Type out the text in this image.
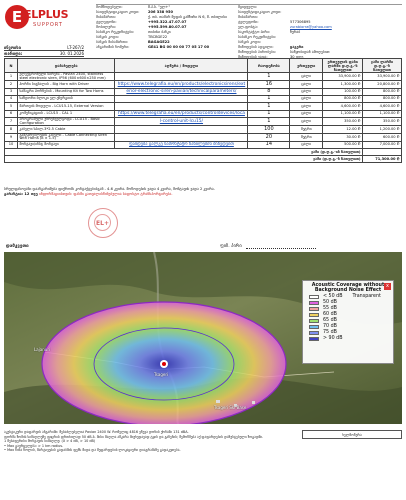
E ELPLUS
SUPPORT
მომწოდებელი:	შ.პ.ს. "ელ+"
საიდენტიფიკაციო კოდი:	206 338 950
მისამართი:	ქ. თბ. თამარ მეფის გამზირი N 6, შ. თბილისი
ტელეფონი:	+995.322.47.07.07
მობილური:	+995.599.80.07.07
საბანკო რეკვიზიტები:	თიბისი ბანკი
ბანკის კოდი:	TBCBGE22
ბანკის მისამართი:	BAGAGE22
ანგარიშის ნომერი:	GE41 BG 00 00 00 77 05 17 00
მყიდველი:
საიდენტიფიკაციო კოდი:
მისამართი:
ტელეფონი:	577306895
ელ-ფოსტა:	zurabiorra@yahoo.com
საკონტაქტო პირი:	ზურაბ
საბანკო რეკვიზიტები:
ბანკის კოდი:
მიწოდების ადგილი:	ცაგერი
მიწოდების პირობები:	საწყობიდან ამოღებით
მიწოდების ვადა:	30 დღე
ინვოისი	LT-267/2
თარიღი:	30. 01.2026
N	დასახელება	აღწერა / მოდელი	რაოდენობა	ერთეული	ერთეულის ფასი ლარში დ.ღ.გ.-ს ჩათვლით	ჯამი ლარში დ.ღ.გ.-ს ჩათვლით
1	ელექტრონული სირენა - Pavian 2400, stainless steel electronic siren, IP56 (600×600×250 mm)		1	ცალი	33,900.00 ₾	33,900.00 ₾
2	ჰორნი სიგნალის - Big Horn with Driver	https://www.telegrafia.eu/en/products/electronicsirens/ext	16	ცალი	1,300.00 ₾	20,800.00 ₾
3	სამაგრი ჰორნების - Mounting Kit for Two Horns	erior-electronic-siren-pavian/technicalparameters/	8	ცალი	100.00 ₾	800.00 ₾
4	საზდორი ბლოკი ელ.ენერგიის		1	ცალი	800.00 ₾	800.00 ₾
5	მართვის მოდული - LCU15-15, External Version		1	ცალი	4,600.00 ₾	4,600.00 ₾
6	კომუნიკაციის - LCU15 - CAL 1	https://www.telegrafia.eu/en/products/controldevices/loca	1	ცალი	1,100.00 ₾	1,100.00 ₾
7	პროგრამული უზრუნველყოფა - LCU15 - Basic Configuration	l-control-unit-lcu15/	1	ცალი	350.00 ₾	350.00 ₾
8	კაბელი სპილ.3*2.5 Cable		100	მეტრი	12.00 ₾	1,200.00 ₾
9	გამტარებლების კაბელი - Cable Connecting Siren with Horns (8 × 1.5)		20	მეტრი	30.00 ₾	600.00 ₾
10	მონტაჟი/ინსტ მონტაჟი	ფასდება ცალკე სამონტაჟო ნაწილების მიხედვით	14	ცალი	500.00 ₾	7,000.00 ₾
ჯამი (დ.ღ.გ.-ის ჩათვლით)						
ჯამი (დ.ღ.გ.-ს ჩათვლით)						71,300.00 ₾
სრულფასოვანი დაანგარიშება ფიქრობს კონტაქტებისგან - 4-6 კვირა. მოწოდების ვადა 4 კვირა, მონტაჟის ვადა 2 კვირა.
გარანტია: 12 თვე ინფორმაციისთვის: ფასში გათვალისწინებულია საფოსტო ტრანსპორტირება.
EL+
დამკვეთი	ფიზ. პირი
Tsageri Ski Base
Lajanuri
Tsageri
x
Acoustic Coverage without Background Noise Effect
< 50 dB Transparent
50 dB
55 dB
60 dB
65 dB
70 dB
75 dB
> 90 dB
ხელმოწერა
აკუსტიკური დაფარვის ანგარიში: შესაძლებელია Pavian 2400 W. რომელიც 4816 ვწევა დონის ქონაში 131 dBA.
ფორმა ზომის სიმაღლეზე ფიცრის ფრთხილად 50 dB-ს. მისი მაღლა აშკარა მიუხედავად ტყის და გაჩენის; შემოწმება აქ ფაფარდების დაზუსტებული ზოგადში.
1 შესაფერისი მონტაჟის სიმაღლე: (X > 4 dB, > 10 dB)
• Max გავრცელება: > 1 km radius.
• Max წინა ზოლის, მარტივების გადაბმის ფენს შიდა და შეფარდების ლოკაციური დიაგრამაზე გადაკეთება.
